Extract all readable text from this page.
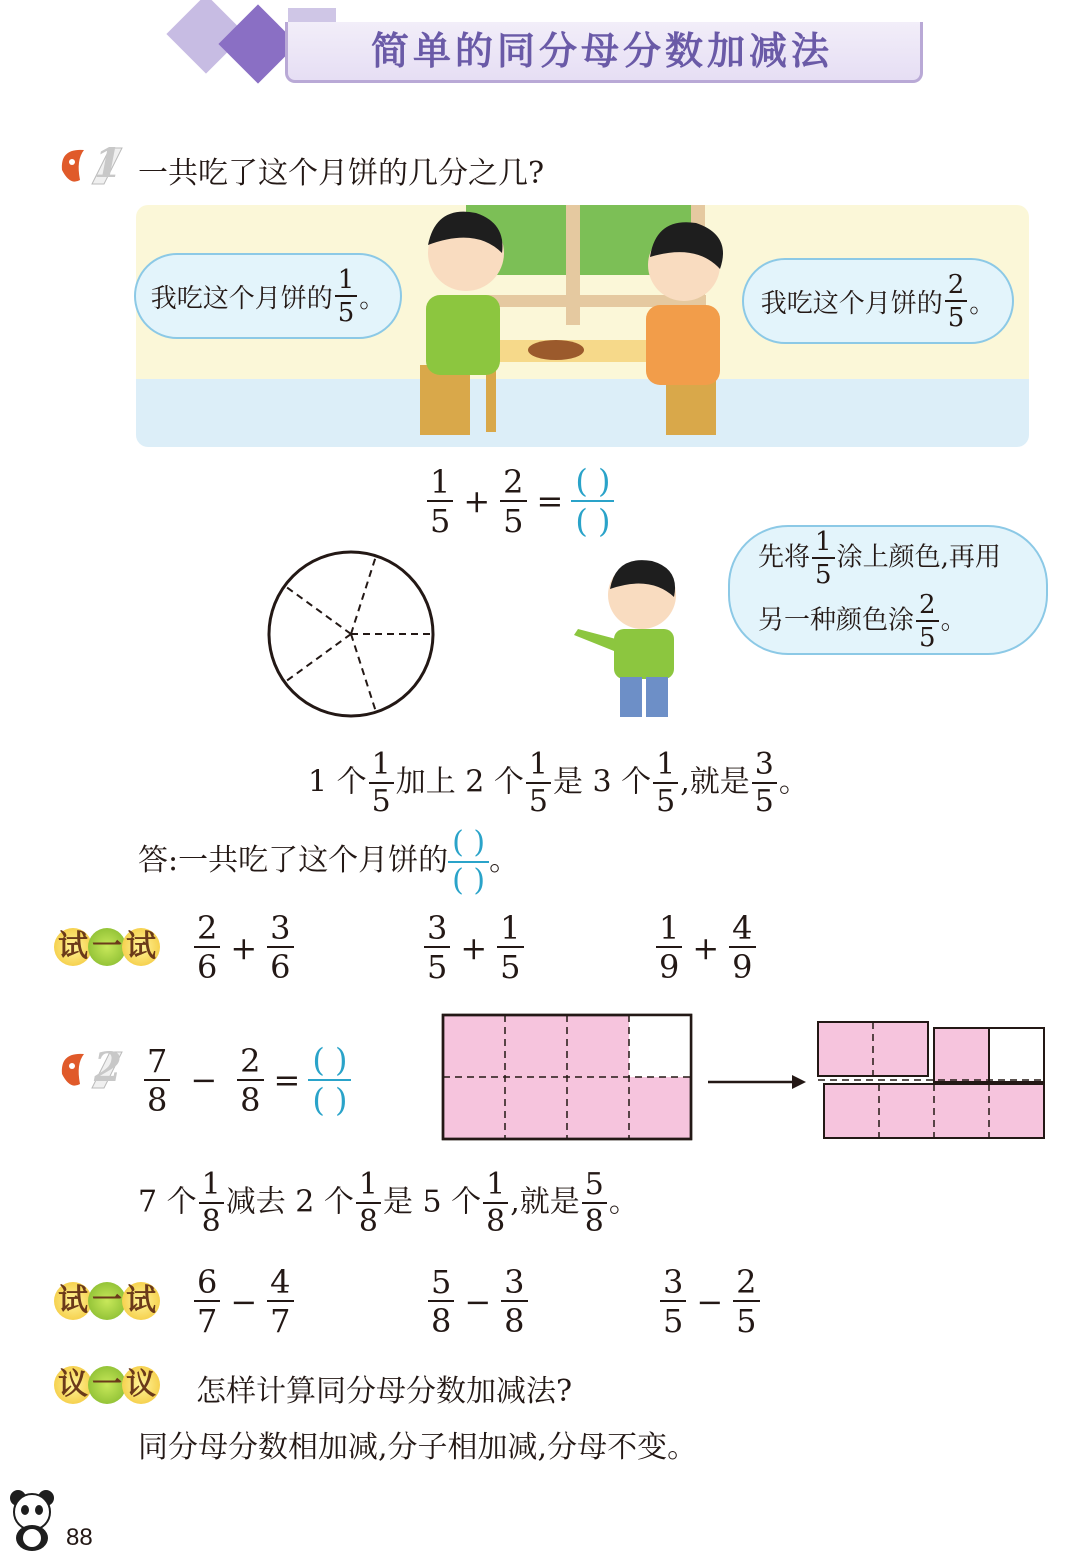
简单的同分母分数加减法
1 一共吃了这个月饼的几分之几?
我吃这个月饼的 $\frac{1}{5}$ 。	我吃这个月饼的 $\frac{2}{5}$ 。
$\frac{1}{5} + \frac{2}{5}$ =
( )
( )
先将 $\frac{1}{5}$ 涂上颜色,再用
另一种颜色涂 $\frac{2}{5}$ 。
1 个 $\frac{1}{5}$ 加上 2 个 $\frac{1}{5}$ 是 3 个 $\frac{1}{5}$ ,就是 $\frac{3}{5}$ 。
答:一共吃了这个月饼的
( )
( )
。
试 一 试 $\frac{2}{6} + \frac{3}{6}$	$\frac{3}{5} + \frac{1}{5}$	$\frac{1}{9} + \frac{4}{9}$
$2 \frac{7}{8} - \frac{2}{8}$ =
( )
( )
7 个 $\frac{1}{8}$ 减去 2 个 $\frac{1}{8}$ 是 5 个 $\frac{1}{8}$ ,就是 $\frac{5}{8}$ 。
试 一 试 $\frac{6}{7} - \frac{4}{7}$	$\frac{5}{8} - \frac{3}{8}$	$\frac{3}{5} - \frac{2}{5}$
议 一 议 怎样计算同分母分数加减法?
同分母分数相加减,分子相加减,分母不变。
88
